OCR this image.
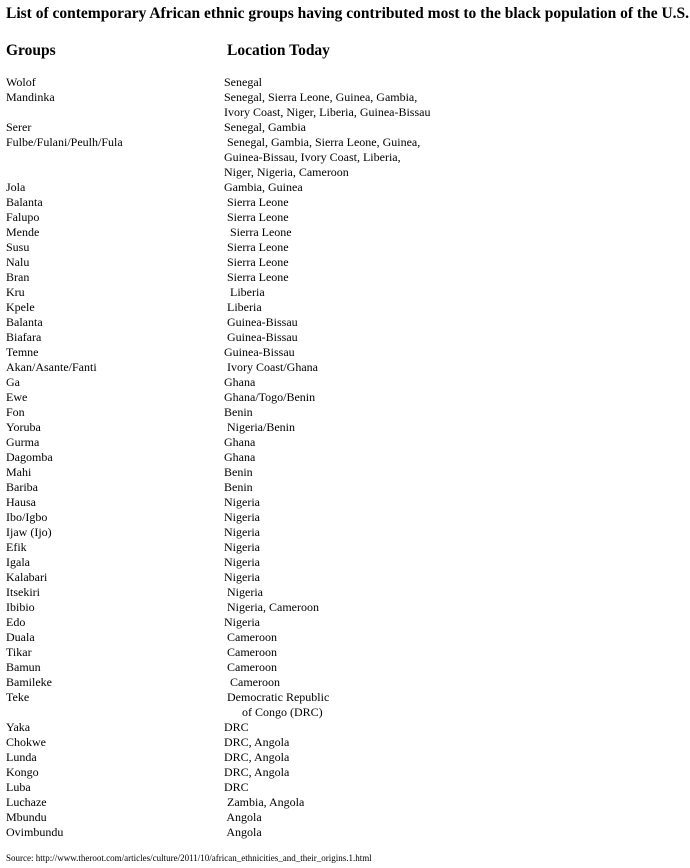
List of contemporary African ethnic groups having contributed most to the black population of the U.S.
Groups	Location Today
Wolof	Senegal
Mandinka	Senegal, Sierra Leone, Guinea, Gambia,
Ivory Coast, Niger, Liberia, Guinea-Bissau
Serer	Senegal, Gambia
Fulbe/Fulani/Peulh/Fula	Senegal, Gambia, Sierra Leone, Guinea,
Guinea-Bissau, Ivory Coast, Liberia,
Niger, Nigeria, Cameroon
Jola	Gambia, Guinea
Balanta	Sierra Leone
Falupo	Sierra Leone
Mende	Sierra Leone
Susu	Sierra Leone
Nalu	Sierra Leone
Bran	Sierra Leone
Kru	Liberia
Kpele	Liberia
Balanta	Guinea-Bissau
Biafara	Guinea-Bissau
Temne	Guinea-Bissau
Akan/Asante/Fanti	Ivory Coast/Ghana
Ga	Ghana
Ewe	Ghana/Togo/Benin
Fon	Benin
Yoruba	Nigeria/Benin
Gurma	Ghana
Dagomba	Ghana
Mahi	Benin
Bariba	Benin
Hausa	Nigeria
Ibo/Igbo	Nigeria
Ijaw (Ijo)	Nigeria
Efik	Nigeria
Igala	Nigeria
Kalabari	Nigeria
Itsekiri	Nigeria
Ibibio	Nigeria, Cameroon
Edo	Nigeria
Duala	Cameroon
Tikar	Cameroon
Bamun	Cameroon
Bamileke	Cameroon
Teke	Democratic Republic
of Congo (DRC)
Yaka	DRC
Chokwe	DRC, Angola
Lunda	DRC, Angola
Kongo	DRC, Angola
Luba	DRC
Luchaze	Zambia, Angola
Mbundu	Angola
Ovimbundu	Angola
Source: http://www.theroot.com/articles/culture/2011/10/african_ethnicities_and_their_origins.1.html
